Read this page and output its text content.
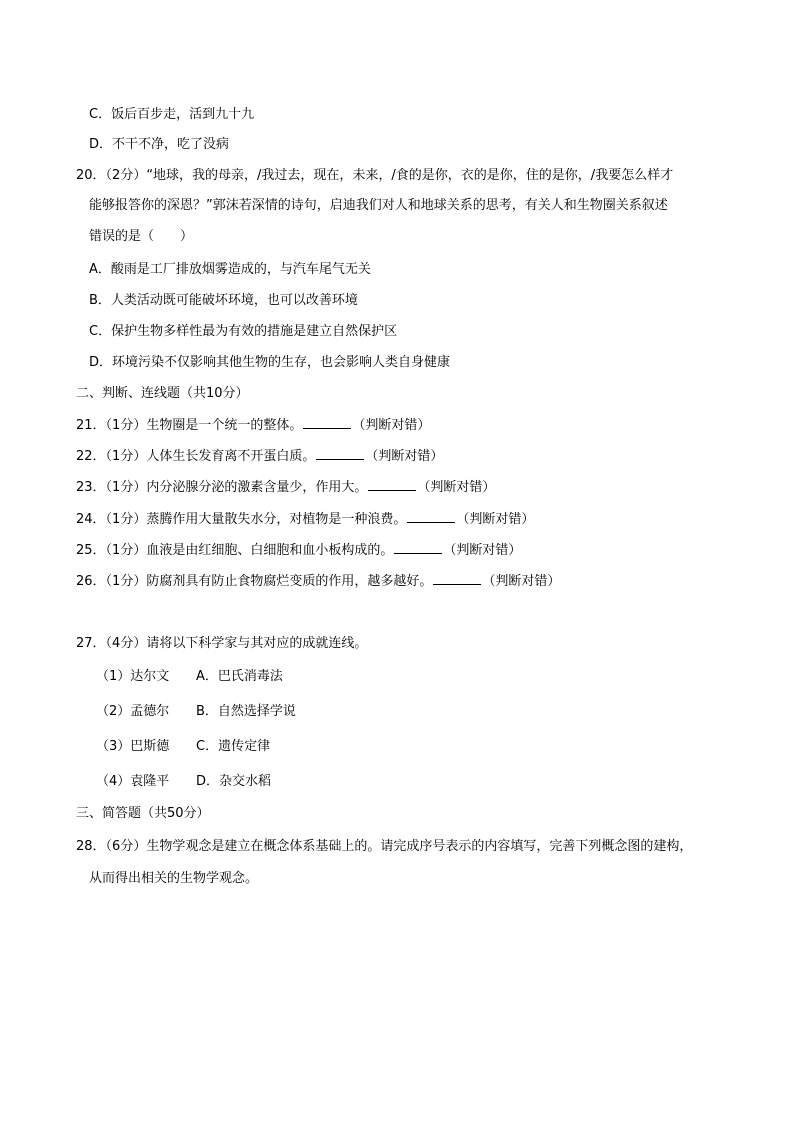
C．饭后百步走，活到九十九
D．不干不净，吃了没病
20．（2分）“地球，我的母亲，/我过去，现在，未来，/食的是你，衣的是你，住的是你，/我要怎么样才
能够报答你的深恩？”郭沫若深情的诗句，启迪我们对人和地球关系的思考，有关人和生物圈关系叙述
错误的是（　　）
A．酸雨是工厂排放烟雾造成的，与汽车尾气无关
B．人类活动既可能破坏环境，也可以改善环境
C．保护生物多样性最为有效的措施是建立自然保护区
D．环境污染不仅影响其他生物的生存，也会影响人类自身健康
二、判断、连线题（共10分）
21．（1分）生物圈是一个统一的整体。	（判断对错）
22．（1分）人体生长发育离不开蛋白质。	（判断对错）
23．（1分）内分泌腺分泌的激素含量少，作用大。	（判断对错）
24．（1分）蒸腾作用大量散失水分，对植物是一种浪费。	（判断对错）
25．（1分）血液是由红细胞、白细胞和血小板构成的。	（判断对错）
26．（1分）防腐剂具有防止食物腐烂变质的作用，越多越好。	（判断对错）
27．（4分）请将以下科学家与其对应的成就连线。
（1）达尔文 A．巴氏消毒法
（2）孟德尔 B．自然选择学说
（3）巴斯德 C．遗传定律
（4）袁隆平 D．杂交水稻
三、简答题（共50分）
28．（6分）生物学观念是建立在概念体系基础上的。请完成序号表示的内容填写，完善下列概念图的建构，
从而得出相关的生物学观念。
